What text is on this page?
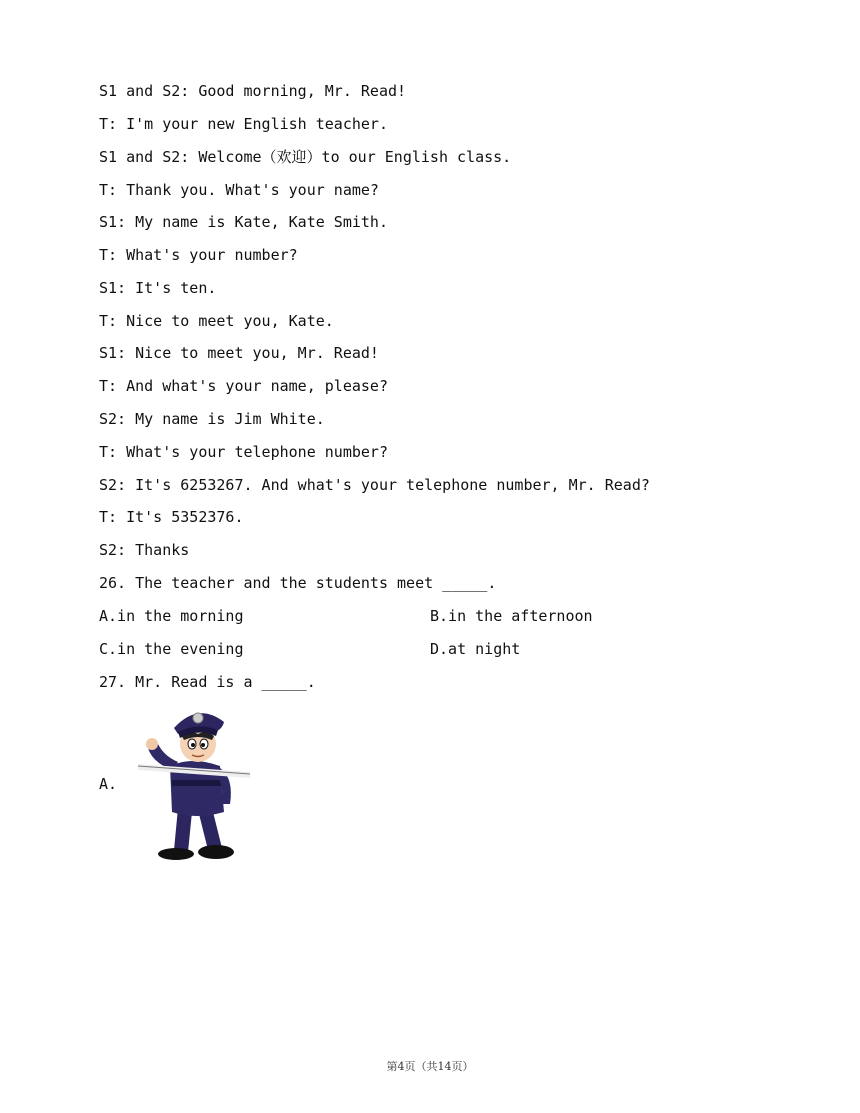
S1 and S2: Good morning, Mr. Read!
T: I'm your new English teacher.
S1 and S2: Welcome（欢迎）to our English class.
T: Thank you. What's your name?
S1: My name is Kate, Kate Smith.
T: What's your number?
S1: It's ten.
T: Nice to meet you, Kate.
S1: Nice to meet you, Mr. Read!
T: And what's your name, please?
S2: My name is Jim White.
T: What's your telephone number?
S2: It's 6253267. And what's your telephone number, Mr. Read?
T: It's 5352376.
S2: Thanks
26. The teacher and the students meet _____.
A.in the morning	B.in the afternoon
C.in the evening	D.at night
27. Mr. Read is a _____.
A.
第4页（共14页）
